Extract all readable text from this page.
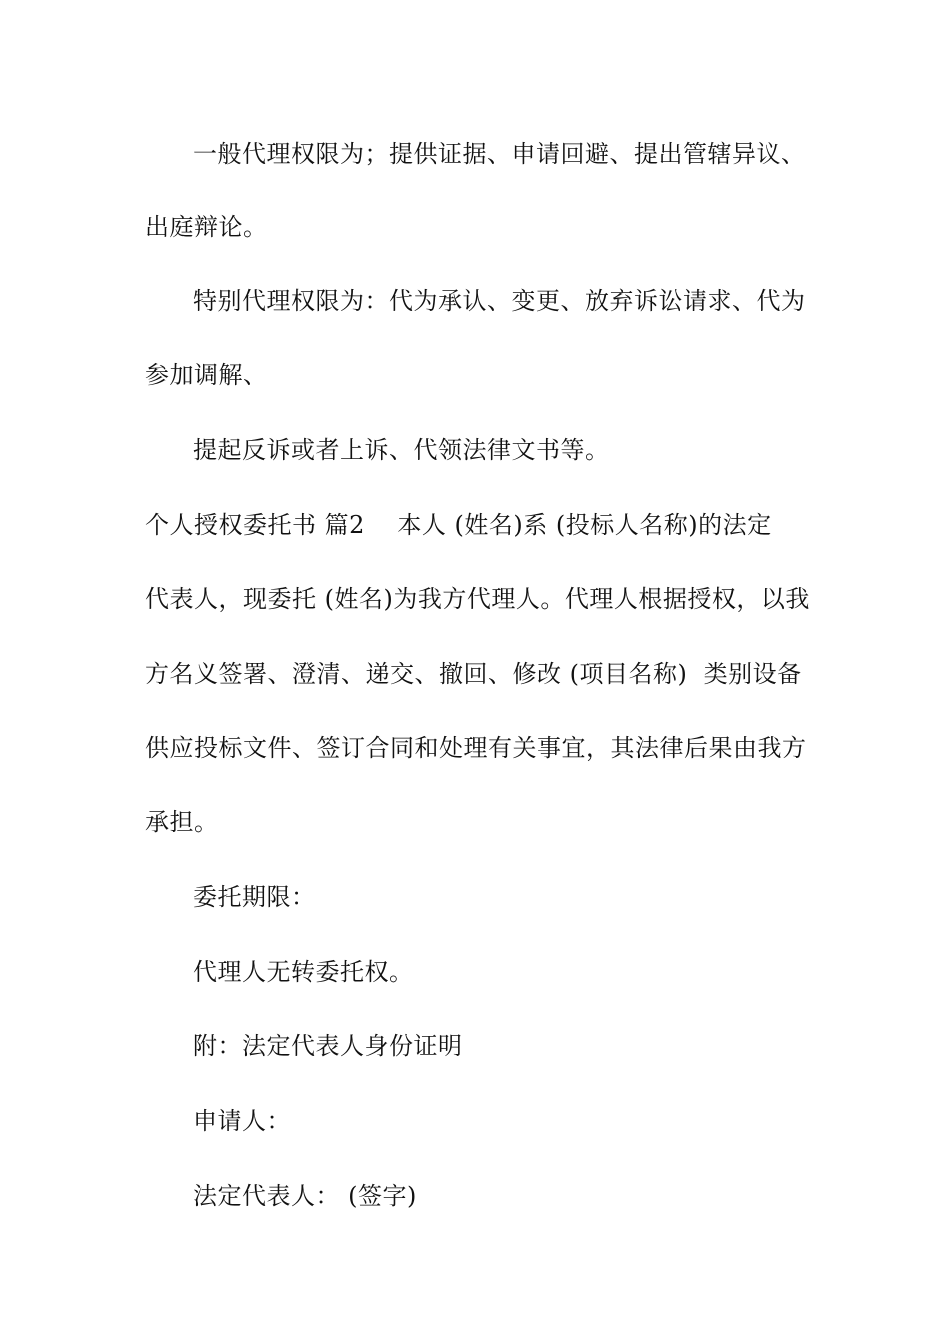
一般代理权限为；提供证据、申请回避、提出管辖异议、
出庭辩论。
特别代理权限为：代为承认、变更、放弃诉讼请求、代为
参加调解、
提起反诉或者上诉、代领法律文书等。
个人授权委托书 篇2    本人 (姓名)系 (投标人名称)的法定
代表人，现委托 (姓名)为我方代理人。代理人根据授权，以我
方名义签署、澄清、递交、撤回、修改 (项目名称)  类别设备
供应投标文件、签订合同和处理有关事宜，其法律后果由我方
承担。
委托期限：
代理人无转委托权。
附：法定代表人身份证明
申请人：
法定代表人： (签字)
